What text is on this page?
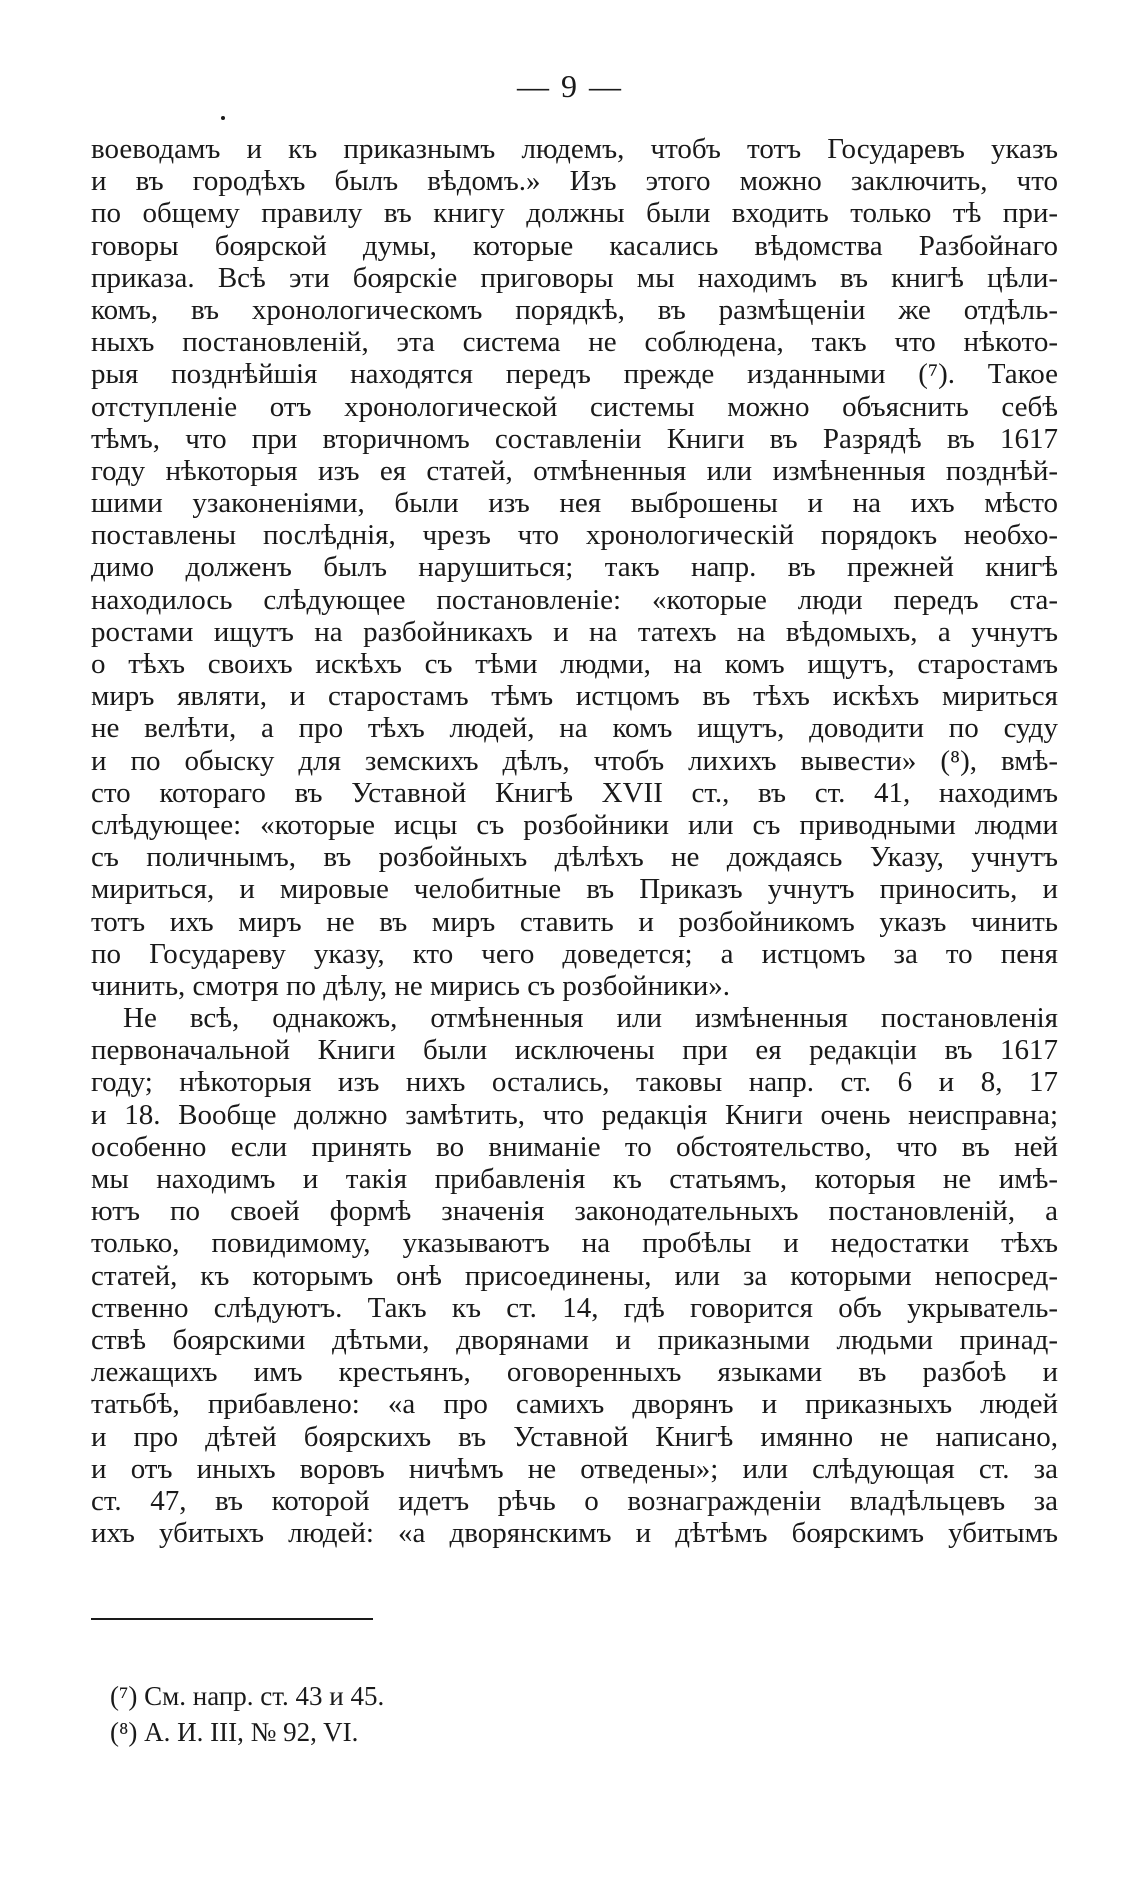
— 9 —
воеводамъ и къ приказнымъ людемъ, чтобъ тотъ Государевъ указъ
и въ городѣхъ былъ вѣдомъ.» Изъ этого можно заключить, что
по общему правилу въ книгу должны были входить только тѣ при-
говоры боярской думы, которые касались вѣдомства Разбойнаго
приказа. Всѣ эти боярскіе приговоры мы находимъ въ книгѣ цѣли-
комъ, въ хронологическомъ порядкѣ, въ размѣщеніи же отдѣль-
ныхъ постановленій, эта система не соблюдена, такъ что нѣкото-
рыя позднѣйшія находятся передъ прежде изданными (⁷). Такое
отступленіе отъ хронологической системы можно объяснить себѣ
тѣмъ, что при вторичномъ составленіи Книги въ Разрядѣ въ 1617
году нѣкоторыя изъ ея статей, отмѣненныя или измѣненныя позднѣй-
шими узаконеніями, были изъ нея выброшены и на ихъ мѣсто
поставлены послѣднія, чрезъ что хронологическій порядокъ необхо-
димо долженъ былъ нарушиться; такъ напр. въ прежней книгѣ
находилось слѣдующее постановленіе: «которые люди передъ ста-
ростами ищутъ на разбойникахъ и на татехъ на вѣдомыхъ, а учнутъ
о тѣхъ своихъ искѣхъ съ тѣми людми, на комъ ищутъ, старостамъ
миръ являти, и старостамъ тѣмъ истцомъ въ тѣхъ искѣхъ мириться
не велѣти, а про тѣхъ людей, на комъ ищутъ, доводити по суду
и по обыску для земскихъ дѣлъ, чтобъ лихихъ вывести» (⁸), вмѣ-
сто котораго въ Уставной Книгѣ XVII ст., въ ст. 41, находимъ
слѣдующее: «которые исцы съ розбойники или съ приводными людми
съ поличнымъ, въ розбойныхъ дѣлѣхъ не дождаясь Указу, учнутъ
мириться, и мировые челобитные въ Приказъ учнутъ приносить, и
тотъ ихъ миръ не въ миръ ставить и розбойникомъ указъ чинить
по Государеву указу, кто чего доведется; а истцомъ за то пеня
чинить, смотря по дѣлу, не мирись съ розбойники».
Не всѣ, однакожъ, отмѣненныя или измѣненныя постановленія
первоначальной Книги были исключены при ея редакціи въ 1617
году; нѣкоторыя изъ нихъ остались, таковы напр. ст. 6 и 8, 17
и 18. Вообще должно замѣтить, что редакція Книги очень неисправна;
особенно если принять во вниманіе то обстоятельство, что въ ней
мы находимъ и такія прибавленія къ статьямъ, которыя не имѣ-
ютъ по своей формѣ значенія законодательныхъ постановленій, а
только, повидимому, указываютъ на пробѣлы и недостатки тѣхъ
статей, къ которымъ онѣ присоединены, или за которыми непосред-
ственно слѣдуютъ. Такъ къ ст. 14, гдѣ говорится объ укрыватель-
ствѣ боярскими дѣтьми, дворянами и приказными людьми принад-
лежащихъ имъ крестьянъ, оговоренныхъ языками въ разбоѣ и
татьбѣ, прибавлено: «а про самихъ дворянъ и приказныхъ людей
и про дѣтей боярскихъ въ Уставной Книгѣ имянно не написано,
и отъ иныхъ воровъ ничѣмъ не отведены»; или слѣдующая ст. за
ст. 47, въ которой идетъ рѣчь о вознагражденіи владѣльцевъ за
ихъ убитыхъ людей: «а дворянскимъ и дѣтѣмъ боярскимъ убитымъ
(⁷) См. напр. ст. 43 и 45.
(⁸) А. И. III, № 92, VI.
